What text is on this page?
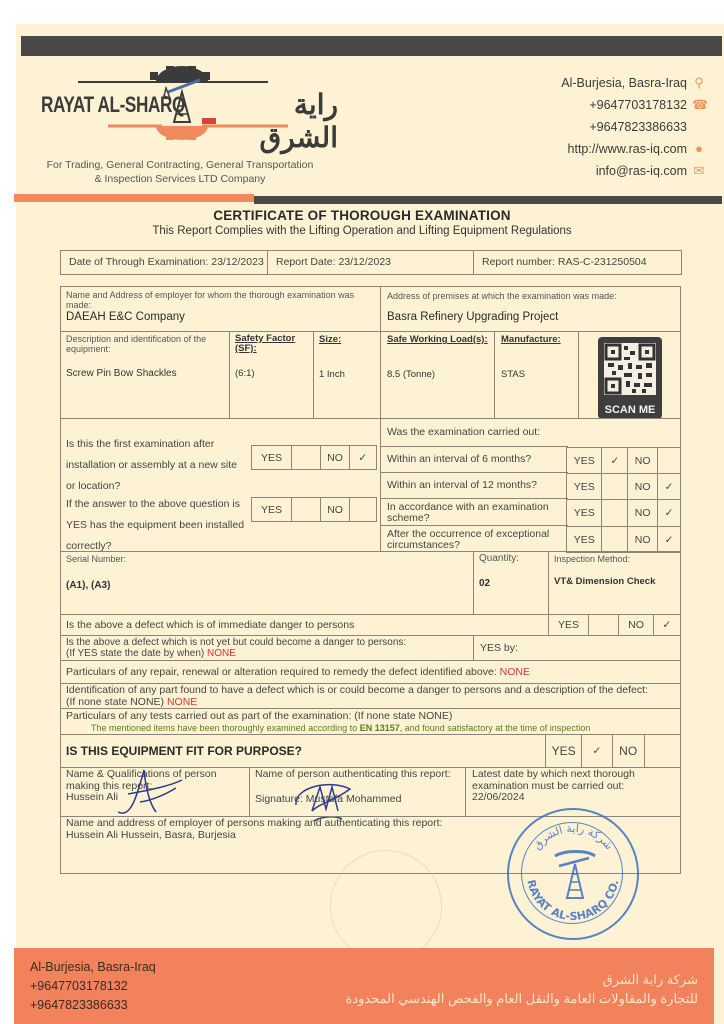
RAYAT AL-SHARQ	راية الشرق
For Trading, General Contracting, General Transportation
& Inspection Services LTD Company
Al-Burjesia, Basra-Iraq ⚲
+9647703178132 ☎
+9647823386633
http://www.ras-iq.com ●
info@ras-iq.com ✉
CERTIFICATE OF THOROUGH EXAMINATION

This Report Complies with the Lifting Operation and Lifting Equipment Regulations

Date of Through Examination: 23/12/2023	Report Date: 23/12/2023	Report number: RAS-C-231250504
Name and Address of employer for whom the thorough examination was made:
DAEAH E&C Company
Address of premises at which the examination was made:
Basra Refinery Upgrading Project
Description and identification of the equipment:
Screw Pin Bow Shackles
Safety Factor (SF):
(6:1)
Size:
1 Inch
Safe Working Load(s):
8.5 (Tonne)
Manufacture:
STAS
SCAN ME
Is this the first examination after installation or assembly at a new site or location?
YES	NO	✓
If the answer to the above question is YES has the equipment been installed correctly?
YES	NO
Was the examination carried out:
Within an interval of 6 months?	YES	✓	NO
Within an interval of 12 months?	YES	NO	✓
In accordance with an examination scheme?	YES	NO	✓
After the occurrence of exceptional circumstances?	YES	NO	✓
Serial Number:
(A1), (A3)
Quantity:
02
Inspection Method:
VT& Dimension Check
Is the above a defect which is of immediate danger to persons	YES	NO	✓
Is the above a defect which is not yet but could become a danger to persons:
(If YES state the date by when) NONE	YES by:
Particulars of any repair, renewal or alteration required to remedy the defect identified above: NONE
Identification of any part found to have a defect which is or could become a danger to persons and a description of the defect:
(If none state NONE) NONE
Particulars of any tests carried out as part of the examination: (If none state NONE)
The mentioned items have been thoroughly examined according to EN 13157, and found satisfactory at the time of inspection
IS THIS EQUIPMENT FIT FOR PURPOSE?	YES	✓	NO
Name & Qualifications of person
making this report:
Hussein Ali
Name of person authenticating this report:
Signature: Mustafa Mohammed
Latest date by which next thorough
examination must be carried out:
22/06/2024
Name and address of employer of persons making and authenticating this report:
Hussein Ali Hussein, Basra, Burjesia
شركة راية الشرق
RAYAT AL-SHARQ CO.
Al-Burjesia, Basra-Iraq
+9647703178132
+9647823386633
شركة راية الشرق
للتجارة والمقاولات العامة والنقل العام والفحص الهندسي المحدودة
